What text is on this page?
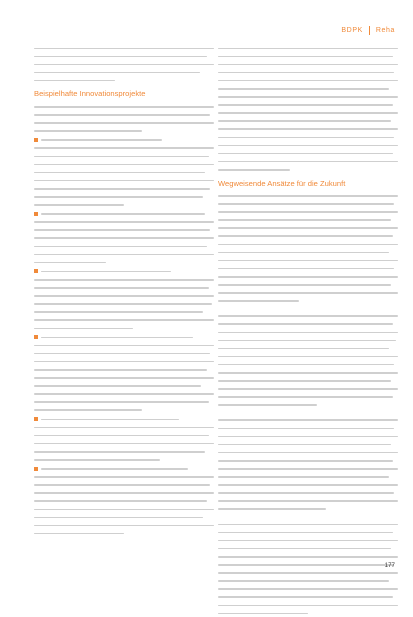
BDPK Reha
Beispielhafte Innovationsprojekte
Wegweisende Ansätze für die Zukunft
177
